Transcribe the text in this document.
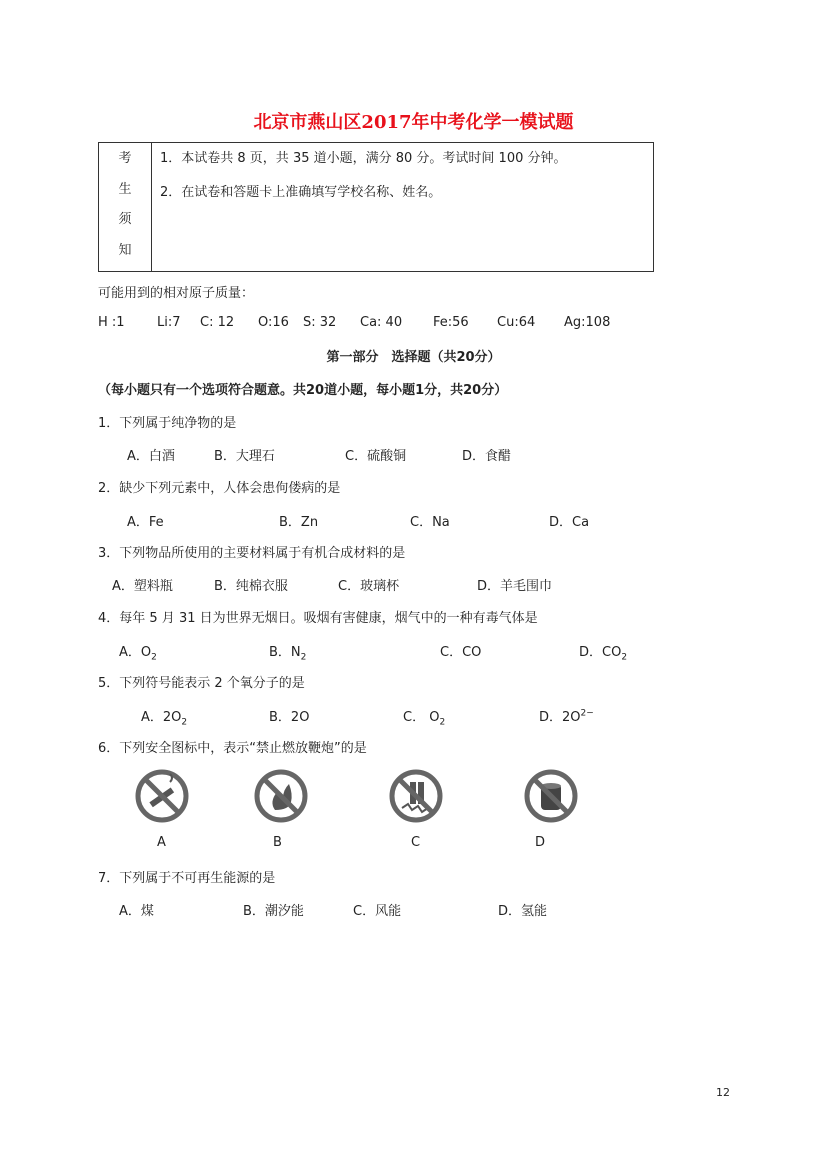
北京市燕山区2017年中考化学一模试题
考
生
须
知
1．本试卷共 8 页，共 35 道小题，满分 80 分。考试时间 100 分钟。
2．在试卷和答题卡上准确填写学校名称、姓名。
可能用到的相对原子质量：
H :1 Li:7 C: 12 O:16 S: 32 Ca: 40 Fe:56 Cu:64 Ag:108
第一部分　选择题（共20分）
（每小题只有一个选项符合题意。共20道小题，每小题1分，共20分）
1．下列属于纯净物的是
A．白酒	B．大理石	C．硫酸铜	D．食醋
2．缺少下列元素中，人体会患佝偻病的是
A．Fe	B．Zn	C．Na	D．Ca
3．下列物品所使用的主要材料属于有机合成材料的是
A．塑料瓶	B．纯棉衣服	C．玻璃杯	D．羊毛围巾
4．每年 5 月 31 日为世界无烟日。吸烟有害健康，烟气中的一种有毒气体是
A．$O_2$	B．$N_2$	C．CO	D．$CO_2$
5．下列符号能表示 2 个氧分子的是
A．$2O_2$	B．2O	C． $O_2$	D．$2O^{2-}$
6．下列安全图标中，表示“禁止燃放鞭炮”的是
A	B	C	D
7．下列属于不可再生能源的是
A．煤	B．潮汐能	C．风能	D．氢能
12
